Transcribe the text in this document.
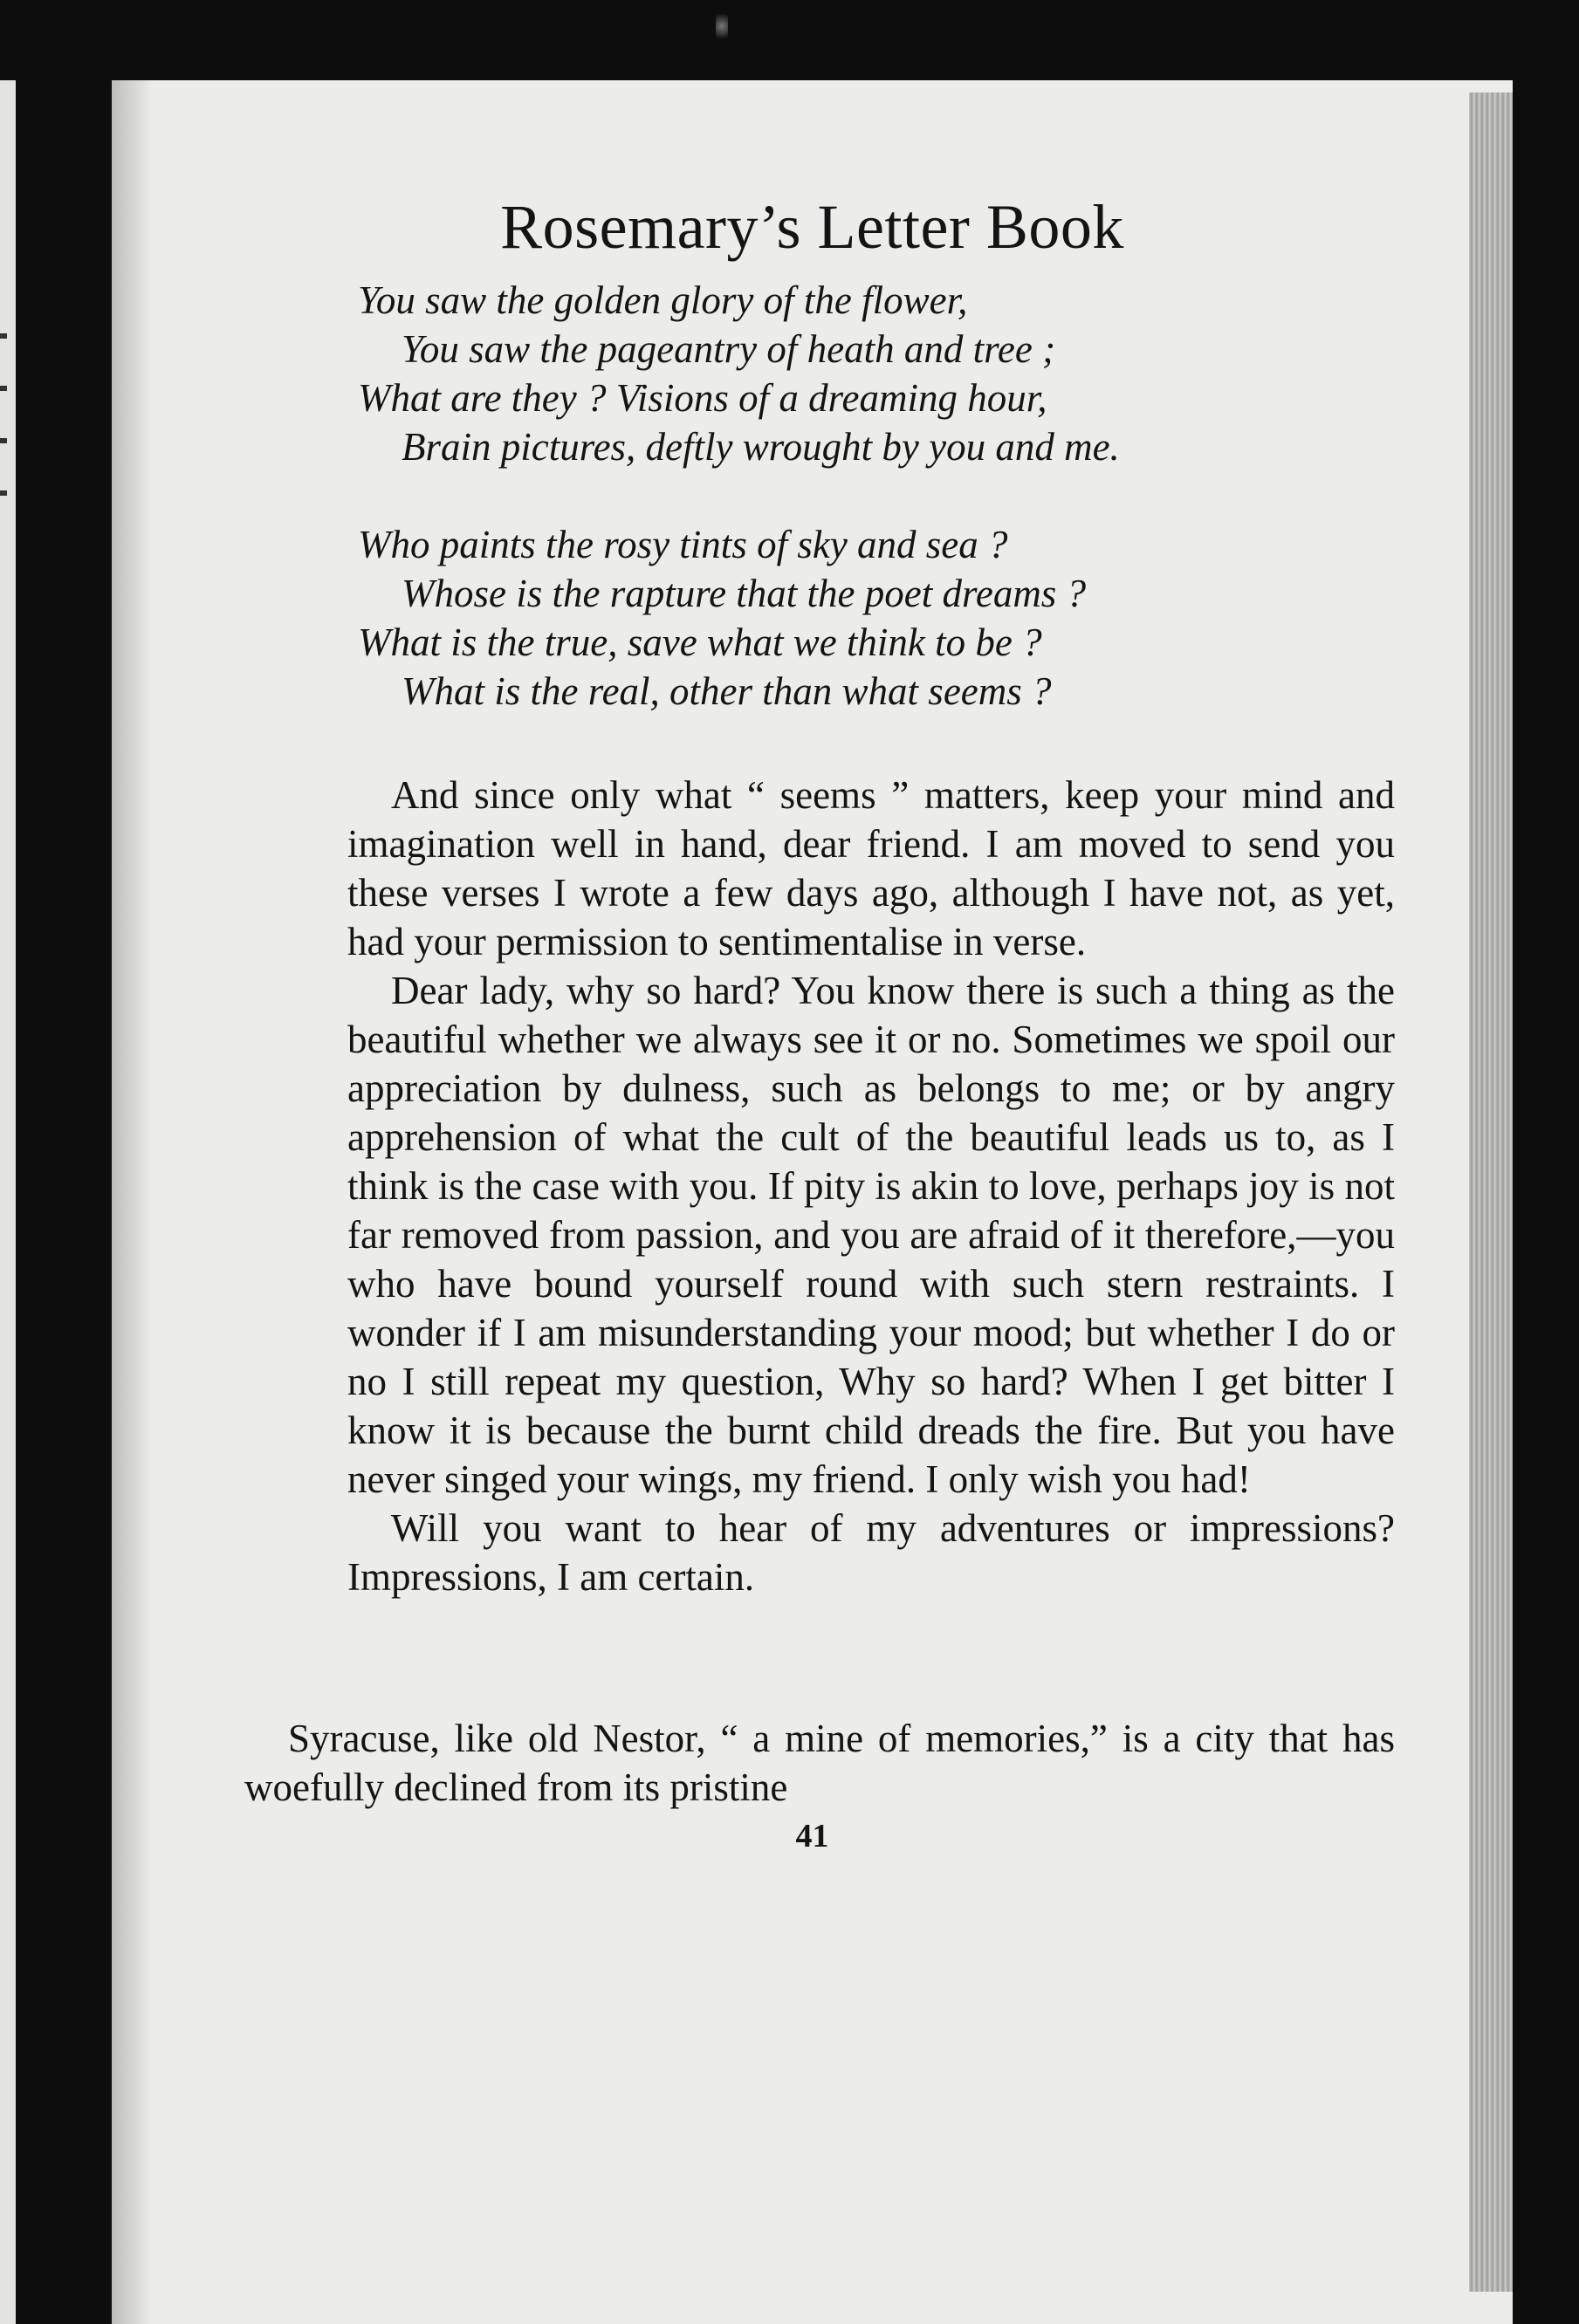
Rosemary’s Letter Book
You saw the golden glory of the flower,
You saw the pageantry of heath and tree ;
What are they ? Visions of a dreaming hour,
Brain pictures, deftly wrought by you and me.
Who paints the rosy tints of sky and sea ?
Whose is the rapture that the poet dreams ?
What is the true, save what we think to be ?
What is the real, other than what seems ?

And since only what “ seems ” matters, keep your mind and imagination well in hand, dear friend. I am moved to send you these verses I wrote a few days ago, although I have not, as yet, had your permission to sentimentalise in verse.

Dear lady, why so hard? You know there is such a thing as the beautiful whether we always see it or no. Sometimes we spoil our appreciation by dulness, such as belongs to me; or by angry apprehension of what the cult of the beautiful leads us to, as I think is the case with you. If pity is akin to love, perhaps joy is not far removed from passion, and you are afraid of it therefore,—you who have bound yourself round with such stern restraints. I wonder if I am misunderstanding your mood; but whether I do or no I still repeat my question, Why so hard? When I get bitter I know it is because the burnt child dreads the fire. But you have never singed your wings, my friend. I only wish you had!

Will you want to hear of my adventures or impressions? Impressions, I am certain.

Syracuse, like old Nestor, “ a mine of memories,” is a city that has woefully declined from its pristine

41
